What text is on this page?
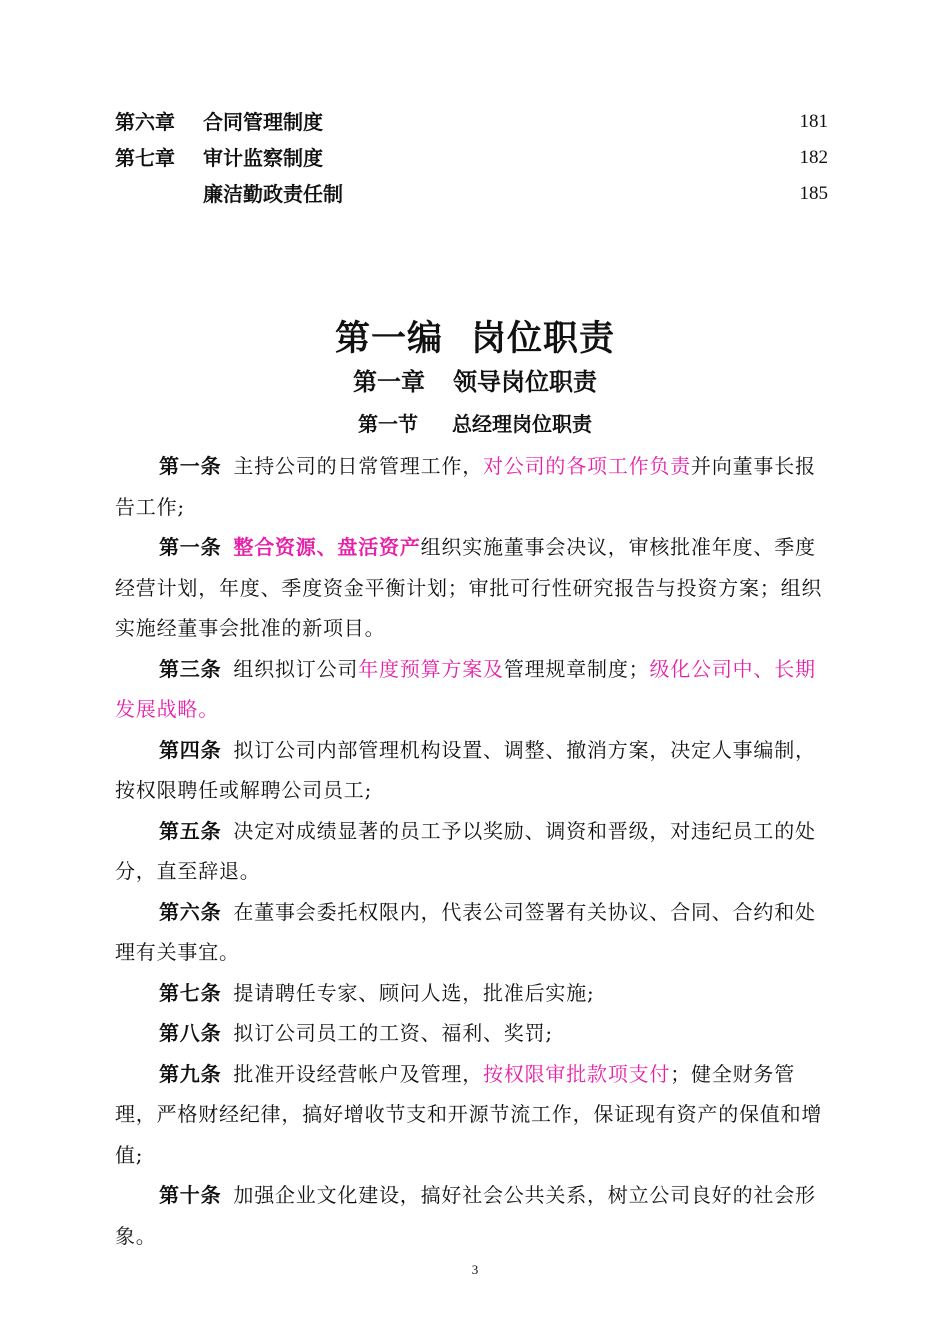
第六章 合同管理制度	181
第七章 审计监察制度	182
廉洁勤政责任制	185
第一编 岗位职责
第一章 领导岗位职责
第一节 总经理岗位职责

第一条 主持公司的日常管理工作，对公司的各项工作负责并向董事长报告工作;

第一条 整合资源、盘活资产组织实施董事会决议，审核批准年度、季度经营计划，年度、季度资金平衡计划；审批可行性研究报告与投资方案；组织实施经董事会批准的新项目。

第三条 组织拟订公司年度预算方案及管理规章制度；级化公司中、长期发展战略。

第四条 拟订公司内部管理机构设置、调整、撤消方案，决定人事编制，按权限聘任或解聘公司员工;

第五条 决定对成绩显著的员工予以奖励、调资和晋级，对违纪员工的处分，直至辞退。

第六条 在董事会委托权限内，代表公司签署有关协议、合同、合约和处理有关事宜。

第七条 提请聘任专家、顾问人选，批准后实施;

第八条 拟订公司员工的工资、福利、奖罚;

第九条 批准开设经营帐户及管理，按权限审批款项支付；健全财务管理，严格财经纪律，搞好增收节支和开源节流工作，保证现有资产的保值和增值;

第十条 加强企业文化建设，搞好社会公共关系，树立公司良好的社会形象。

3
